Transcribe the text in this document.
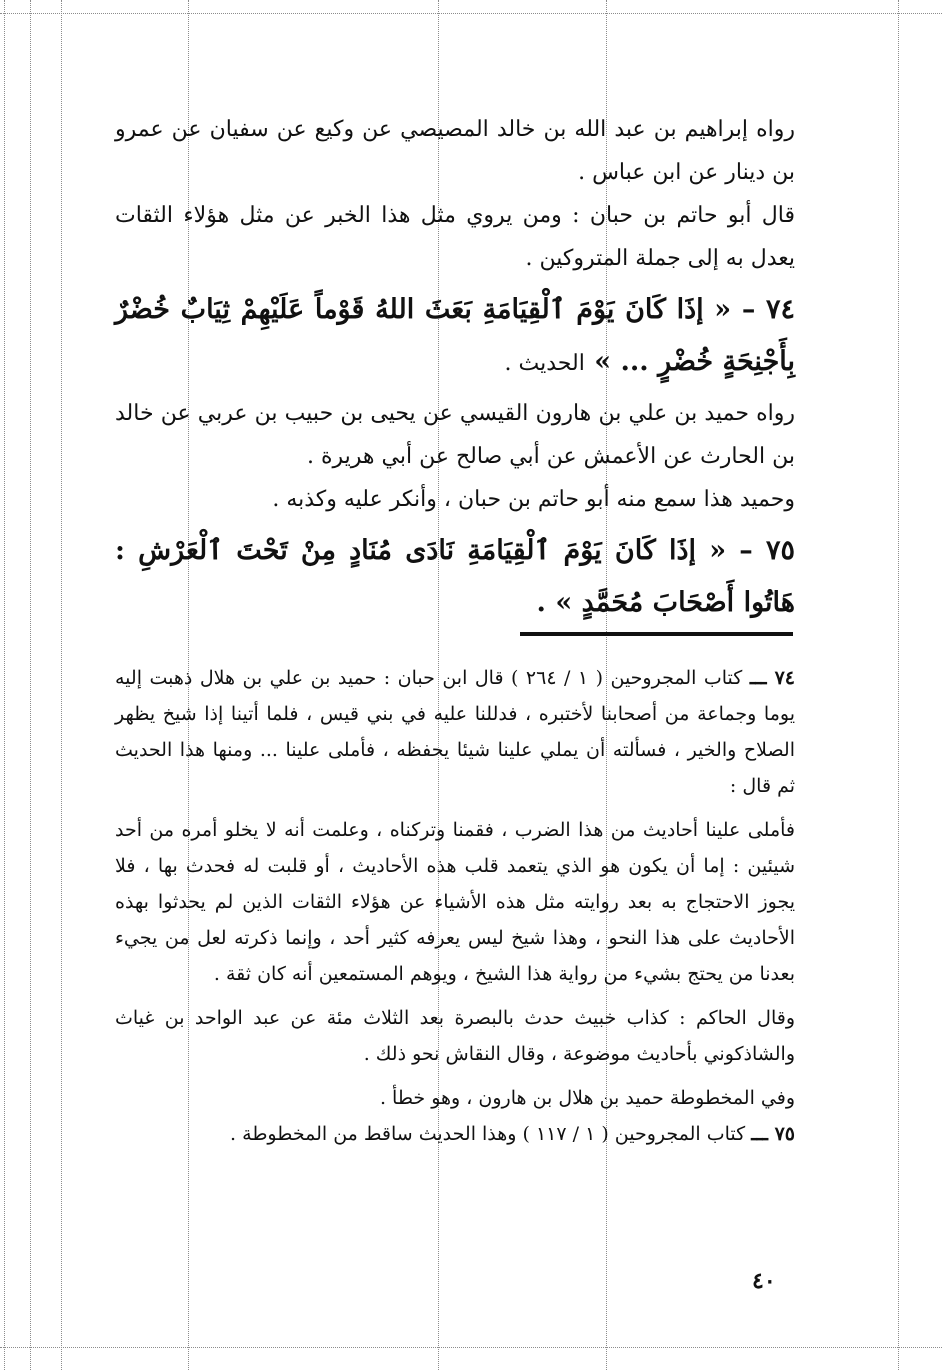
رواه إبراهيم بن عبد الله بن خالد المصيصي عن وكيع عن سفيان عن عمرو بن دينار عن ابن عباس .

قال أبو حاتم بن حبان : ومن يروي مثل هذا الخبر عن مثل هؤلاء الثقات يعدل به إلى جملة المتروكين .

٧٤ – « إذَا كَانَ يَوْمَ ٱلْقِيَامَةِ بَعَثَ اللهُ قَوْماً عَلَيْهِمْ ثِيَابٌ خُضْرٌ بِأَجْنِحَةٍ خُضْرٍ ... » الحديث .

رواه حميد بن علي بن هارون القيسي عن يحيى بن حبيب بن عربي عن خالد بن الحارث عن الأعمش عن أبي صالح عن أبي هريرة .

وحميد هذا سمع منه أبو حاتم بن حبان ، وأنكر عليه وكذبه .

٧٥ – « إذَا كَانَ يَوْمَ ٱلْقِيَامَةِ نَادَى مُنَادٍ مِنْ تَحْتَ ٱلْعَرْشِ : هَاتُوا أَصْحَابَ مُحَمَّدٍ » .

٧٤ ـــ كتاب المجروحين ( ١ / ٢٦٤ ) قال ابن حبان : حميد بن علي بن هلال ذهبت إليه يوما وجماعة من أصحابنا لأختبره ، فدللنا عليه في بني قيس ، فلما أتينا إذا شيخ يظهر الصلاح والخير ، فسألته أن يملي علينا شيئا يحفظه ، فأملى علينا ... ومنها هذا الحديث ثم قال :

فأملى علينا أحاديث من هذا الضرب ، فقمنا وتركناه ، وعلمت أنه لا يخلو أمره من أحد شيئين : إما أن يكون هو الذي يتعمد قلب هذه الأحاديث ، أو قلبت له فحدث بها ، فلا يجوز الاحتجاج به بعد روايته مثل هذه الأشياء عن هؤلاء الثقات الذين لم يحدثوا بهذه الأحاديث على هذا النحو ، وهذا شيخ ليس يعرفه كثير أحد ، وإنما ذكرته لعل من يجيء بعدنا من يحتج بشيء من رواية هذا الشيخ ، ويوهم المستمعين أنه كان ثقة .

وقال الحاكم : كذاب خبيث حدث بالبصرة بعد الثلاث مئة عن عبد الواحد بن غياث والشاذكوني بأحاديث موضوعة ، وقال النقاش نحو ذلك .

وفي المخطوطة حميد بن هلال بن هارون ، وهو خطأ .

٧٥ ـــ كتاب المجروحين ( ١ / ١١٧ ) وهذا الحديث ساقط من المخطوطة .

٤٠
